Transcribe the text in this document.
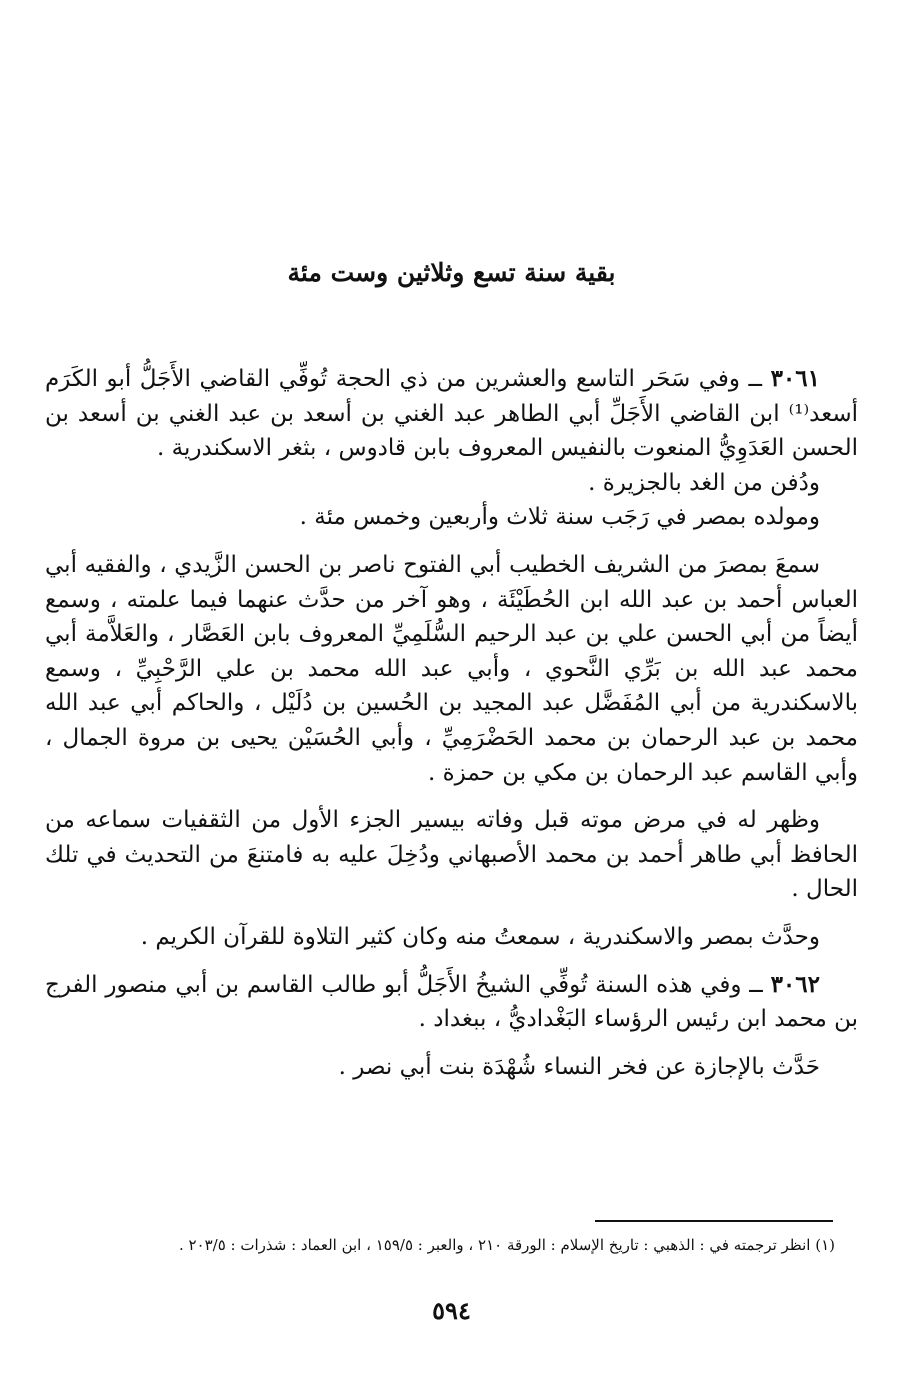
بقية سنة تسع وثلاثين وست مئة

٣٠٦١ ــ وفي سَحَر التاسع والعشرين من ذي الحجة تُوفِّي القاضي الأَجَلُّ أبو الكَرَم أسعد⁽¹⁾ ابن القاضي الأَجَلِّ أبي الطاهر عبد الغني بن أسعد بن عبد الغني بن أسعد بن الحسن العَدَوِيُّ المنعوت بالنفيس المعروف بابن قادوس ، بثغر الاسكندرية .

ودُفن من الغد بالجزيرة .

ومولده بمصر في رَجَب سنة ثلاث وأربعين وخمس مئة .

سمعَ بمصرَ من الشريف الخطيب أبي الفتوح ناصر بن الحسن الزَّيدي ، والفقيه أبي العباس أحمد بن عبد الله ابن الحُطَيْئَة ، وهو آخر من حدَّث عنهما فيما علمته ، وسمع أيضاً من أبي الحسن علي بن عبد الرحيم السُّلَمِيِّ المعروف بابن العَصَّار ، والعَلاَّمة أبي محمد عبد الله بن بَرِّي النَّحوي ، وأبي عبد الله محمد بن علي الرَّحْبِيِّ ، وسمع بالاسكندرية من أبي المُفَضَّل عبد المجيد بن الحُسين بن دُلَيْل ، والحاكم أبي عبد الله محمد بن عبد الرحمان بن محمد الحَضْرَمِيِّ ، وأبي الحُسَيْن يحيى بن مروة الجمال ، وأبي القاسم عبد الرحمان بن مكي بن حمزة .

وظهر له في مرض موته قبل وفاته بيسير الجزء الأول من الثقفيات سماعه من الحافظ أبي طاهر أحمد بن محمد الأصبهاني ودُخِلَ عليه به فامتنعَ من التحديث في تلك الحال .

وحدَّث بمصر والاسكندرية ، سمعتُ منه وكان كثير التلاوة للقرآن الكريم .

٣٠٦٢ ــ وفي هذه السنة تُوفِّي الشيخُ الأَجَلُّ أبو طالب القاسم بن أبي منصور الفرج بن محمد ابن رئيس الرؤساء البَغْداديُّ ، ببغداد .

حَدَّث بالإجازة عن فخر النساء شُهْدَة بنت أبي نصر .

(١) انظر ترجمته في : الذهبي : تاريخ الإسلام : الورقة ٢١٠ ، والعبر : ١٥٩/٥ ، ابن العماد : شذرات : ٢٠٣/٥ .
٥٩٤
